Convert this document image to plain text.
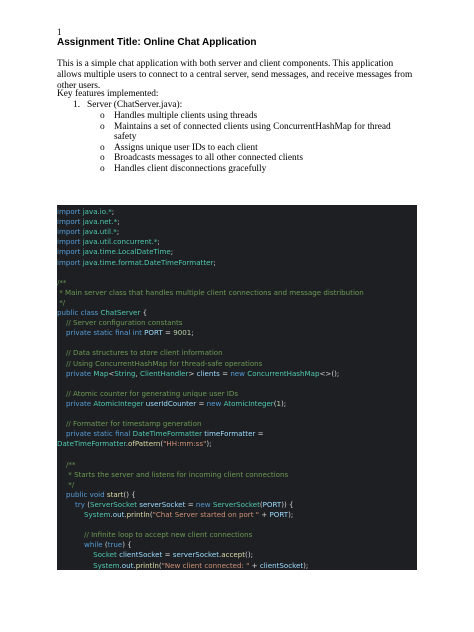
1
Assignment Title: Online Chat Application
This is a simple chat application with both server and client components. This application allows multiple users to connect to a central server, send messages, and receive messages from other users.
Key features implemented:
1. Server (ChatServer.java):
o Handles multiple clients using threads
o Maintains a set of connected clients using ConcurrentHashMap for thread safety
o Assigns unique user IDs to each client
o Broadcasts messages to all other connected clients
o Handles client disconnections gracefully
import java.io.*;
import java.net.*;
import java.util.*;
import java.util.concurrent.*;
import java.time.LocalDateTime;
import java.time.format.DateTimeFormatter;
/**
* Main server class that handles multiple client connections and message distribution
*/
public class ChatServer {
// Server configuration constants
private static final int PORT = 9001;
// Data structures to store client information
// Using ConcurrentHashMap for thread-safe operations
private Map<String, ClientHandler> clients = new ConcurrentHashMap<>();
// Atomic counter for generating unique user IDs
private AtomicInteger userIdCounter = new AtomicInteger(1);
// Formatter for timestamp generation
private static final DateTimeFormatter timeFormatter =
DateTimeFormatter.ofPattern("HH:mm:ss");
/**
* Starts the server and listens for incoming client connections
*/
public void start() {
try (ServerSocket serverSocket = new ServerSocket(PORT)) {
System.out.println("Chat Server started on port " + PORT);
// Infinite loop to accept new client connections
while (true) {
Socket clientSocket = serverSocket.accept();
System.out.println("New client connected: " + clientSocket);
